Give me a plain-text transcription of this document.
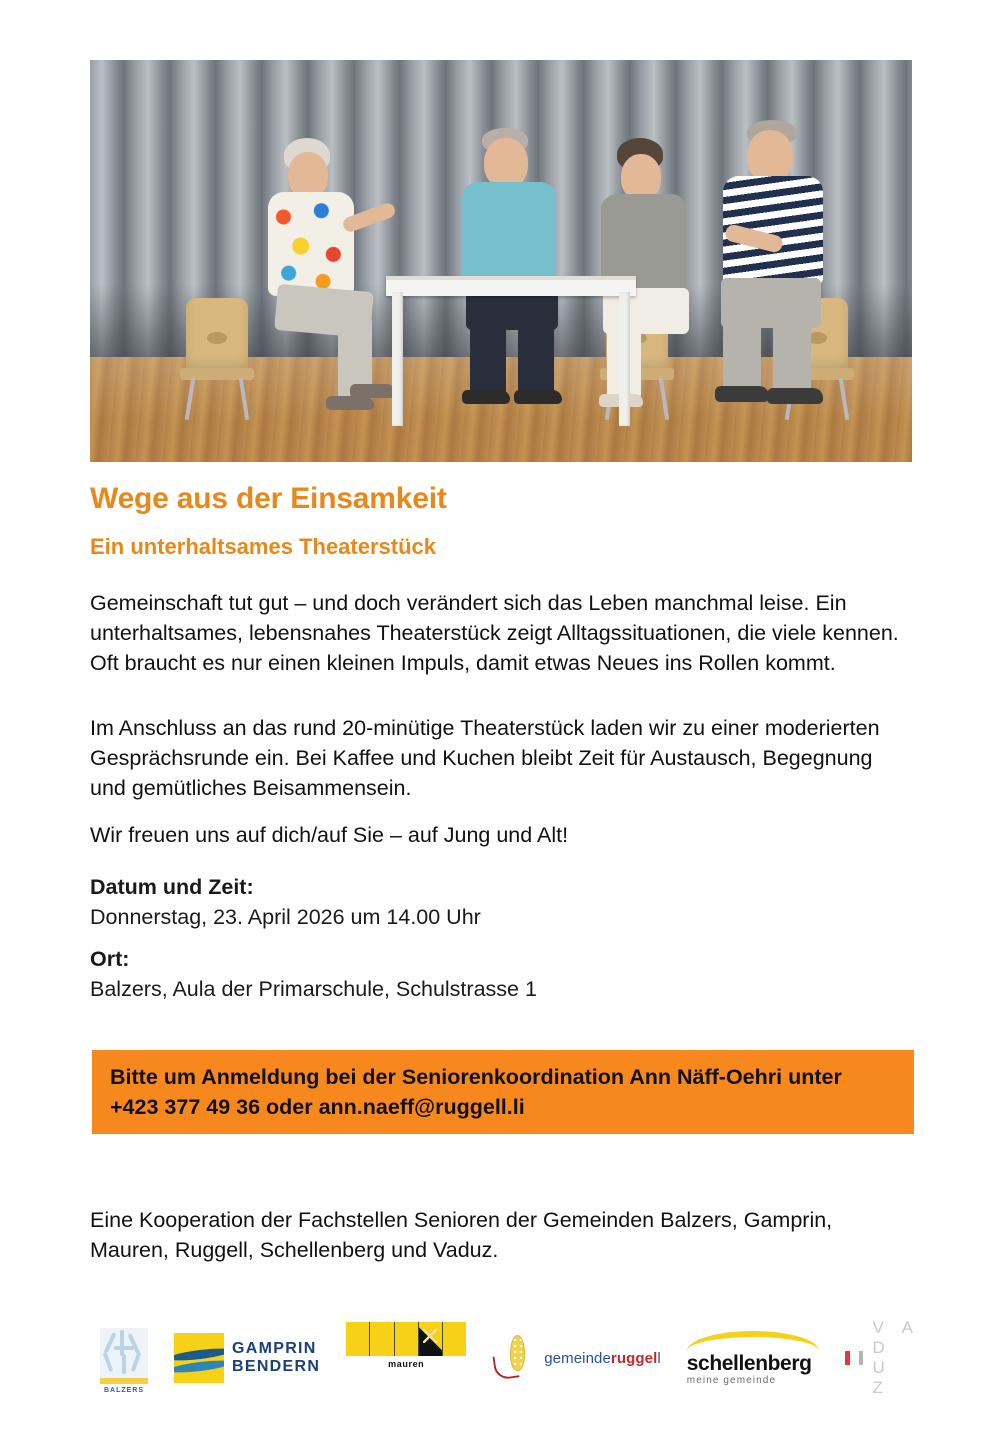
Wege aus der Einsamkeit
Ein unterhaltsames Theaterstück
Gemeinschaft tut gut – und doch verändert sich das Leben manchmal leise. Ein unterhaltsames, lebensnahes Theaterstück zeigt Alltagssituationen, die viele kennen. Oft braucht es nur einen kleinen Impuls, damit etwas Neues ins Rollen kommt.
Im Anschluss an das rund 20-minütige Theaterstück laden wir zu einer moderierten Gesprächsrunde ein. Bei Kaffee und Kuchen bleibt Zeit für Austausch, Begegnung und gemütliches Beisammensein.
Wir freuen uns auf dich/auf Sie – auf Jung und Alt!
Datum und Zeit:
Donnerstag, 23. April 2026 um 14.00 Uhr
Ort:
Balzers, Aula der Primarschule, Schulstrasse 1
Bitte um Anmeldung bei der Seniorenkoordination Ann Näff-Oehri unter +423 377 49 36 oder ann.naeff@ruggell.li
Eine Kooperation der Fachstellen Senioren der Gemeinden Balzers, Gamprin, Mauren, Ruggell, Schellenberg und Vaduz.
BALZERS
GAMPRIN
BENDERN	mauren	gemeinderuggell schellenberg
meine gemeinde
V A D U Z
